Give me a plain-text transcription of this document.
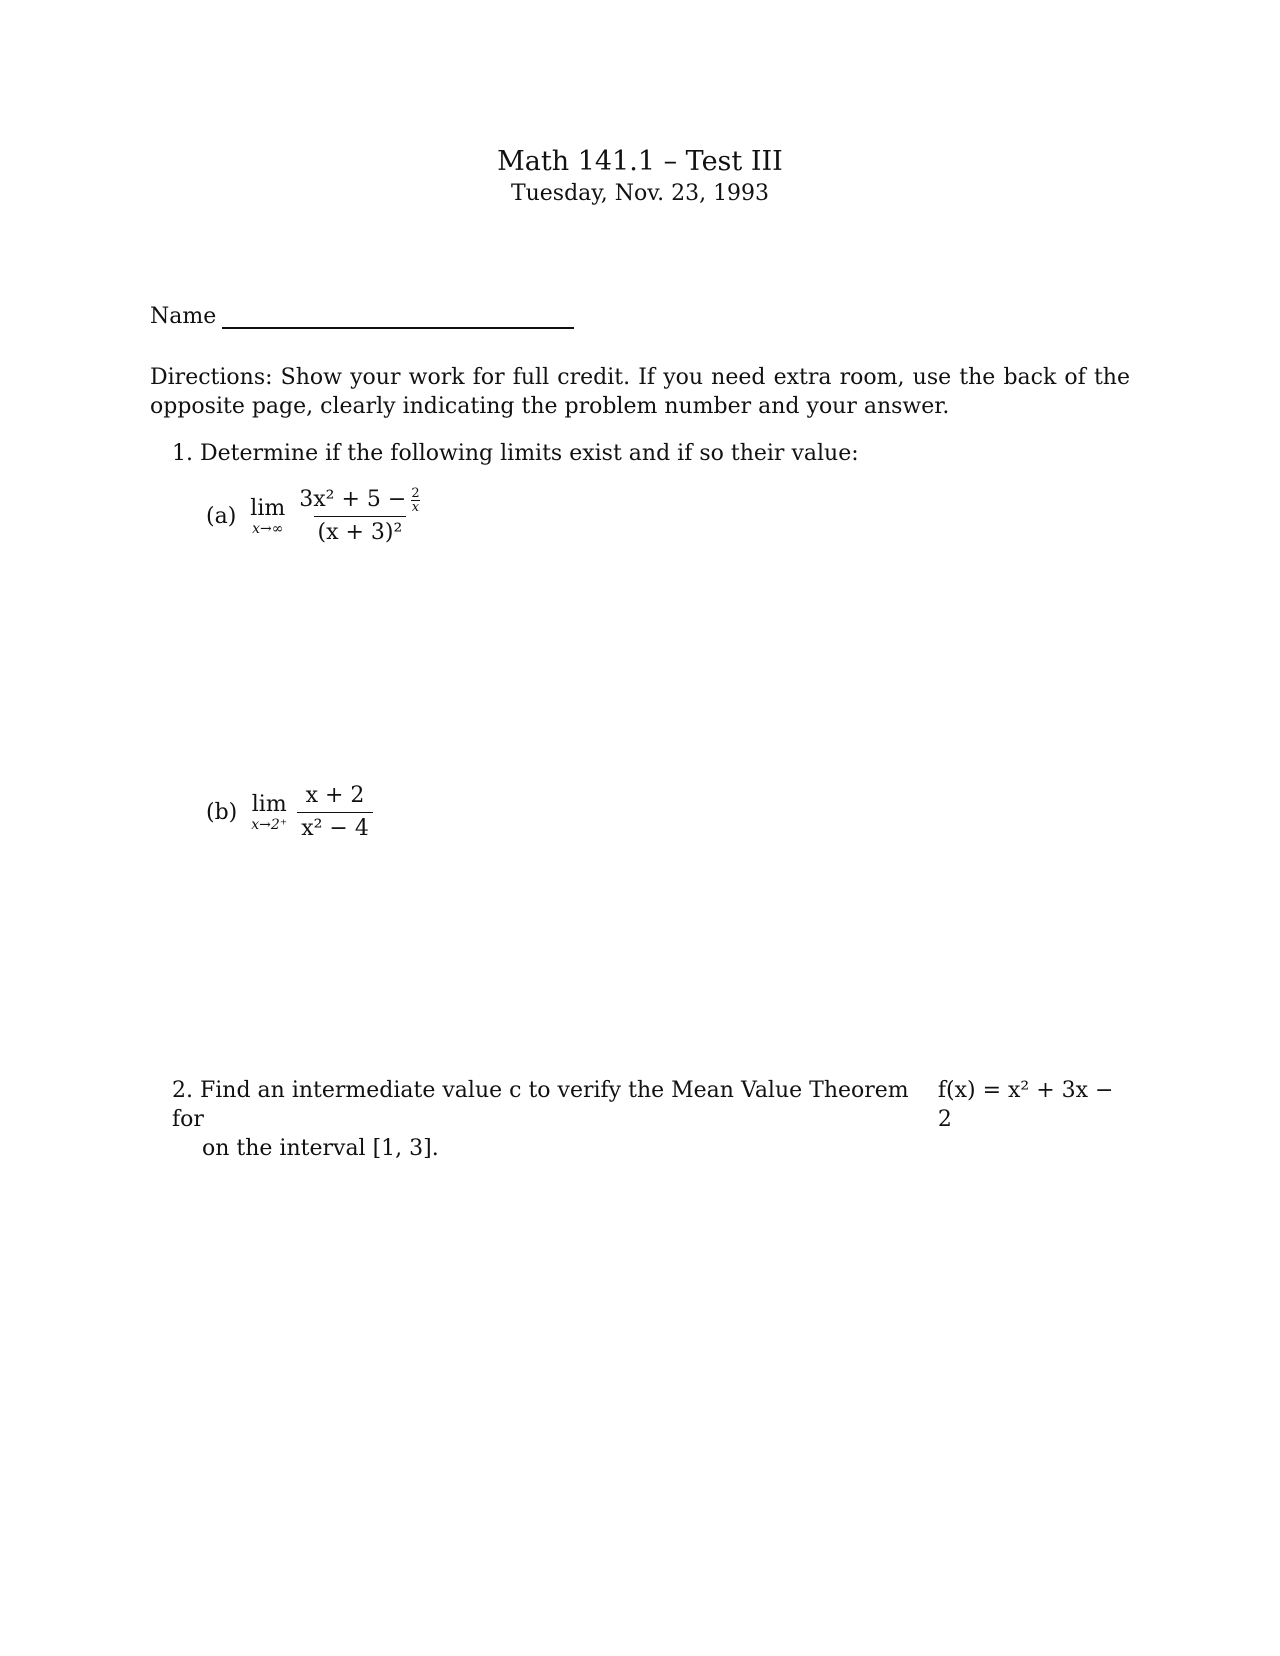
Math 141.1 – Test III
Tuesday, Nov. 23, 1993
Name
Directions: Show your work for full credit. If you need extra room, use the back of the opposite page, clearly indicating the problem number and your answer.
1. Determine if the following limits exist and if so their value:
(a) lim
$x\to\infty \frac{3x^2 + 5 - \frac{2}{x}}{\text{(x + 3)²}}$
(b) lim
$x\to 2^+ \frac{x + 2}{\text{x² − 4}}$
2. Find an intermediate value c to verify the Mean Value Theorem for
f(x) = x² + 3x − 2
on the interval [1, 3].
